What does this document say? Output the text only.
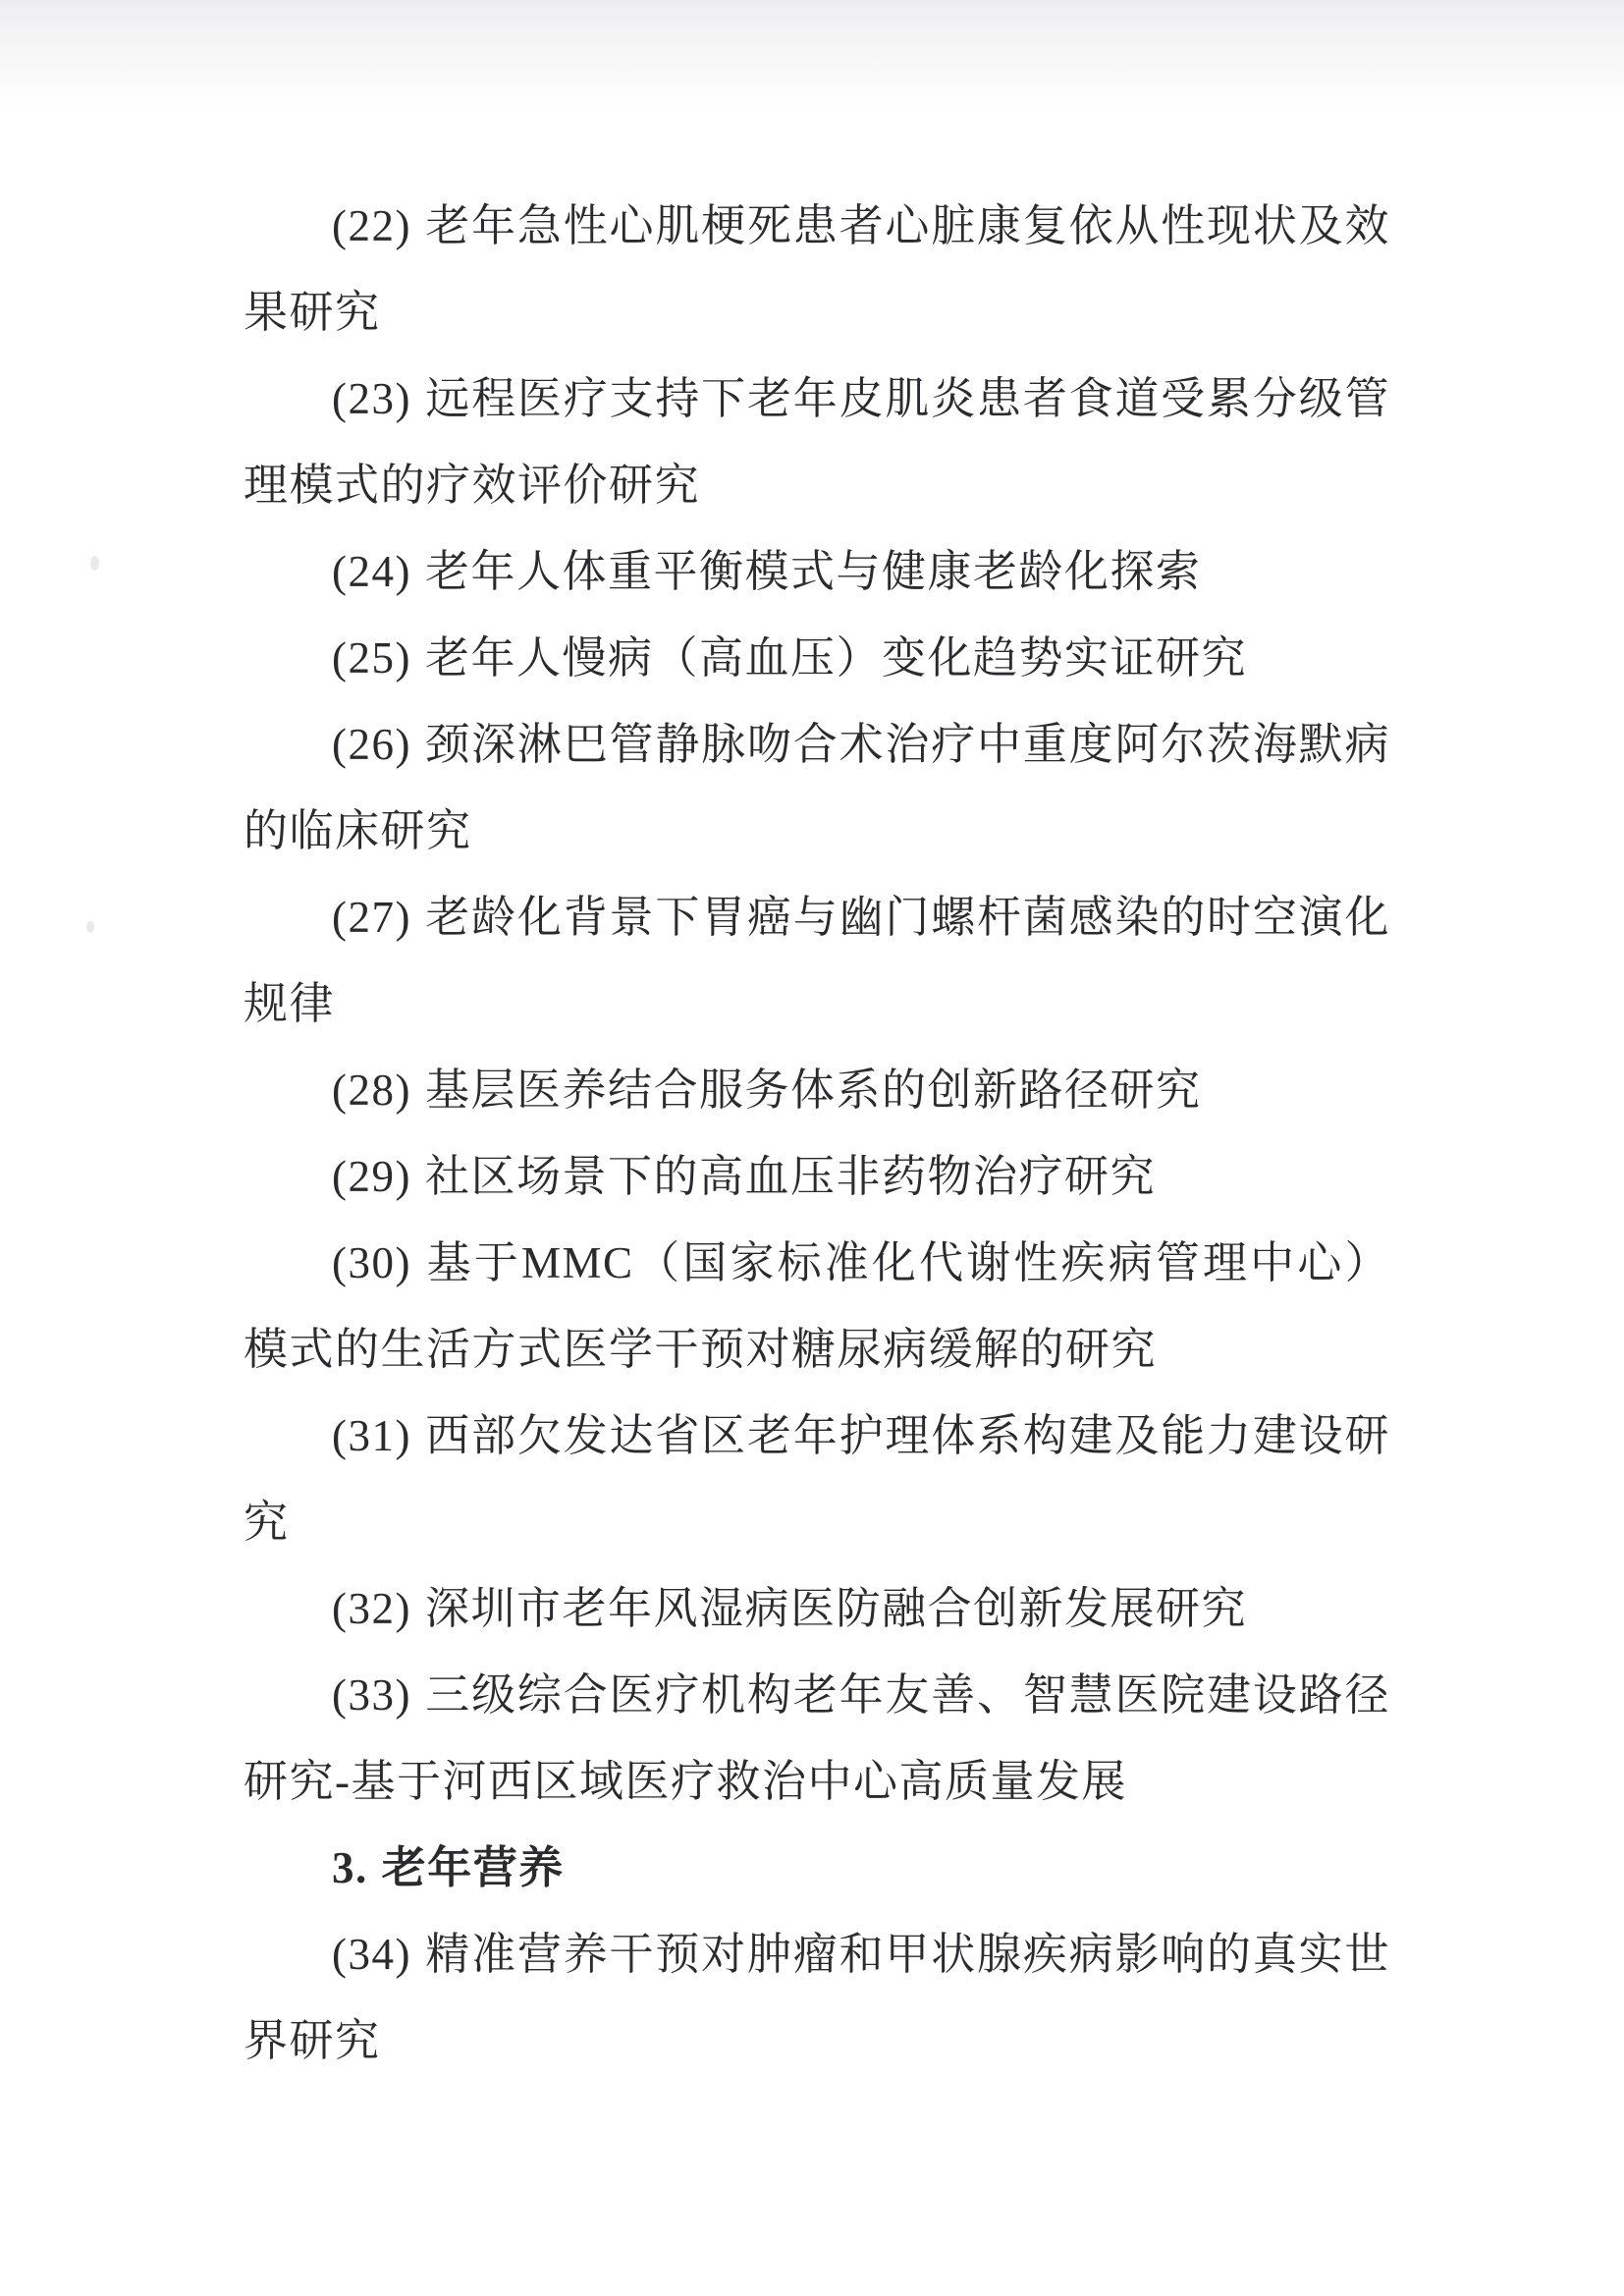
(22) 老年急性心肌梗死患者心脏康复依从性现状及效果研究

(23) 远程医疗支持下老年皮肌炎患者食道受累分级管理模式的疗效评价研究

(24) 老年人体重平衡模式与健康老龄化探索

(25) 老年人慢病（高血压）变化趋势实证研究

(26) 颈深淋巴管静脉吻合术治疗中重度阿尔茨海默病的临床研究

(27) 老龄化背景下胃癌与幽门螺杆菌感染的时空演化规律

(28) 基层医养结合服务体系的创新路径研究

(29) 社区场景下的高血压非药物治疗研究

(30) 基于MMC（国家标准化代谢性疾病管理中心）模式的生活方式医学干预对糖尿病缓解的研究

(31) 西部欠发达省区老年护理体系构建及能力建设研究

(32) 深圳市老年风湿病医防融合创新发展研究

(33) 三级综合医疗机构老年友善、智慧医院建设路径研究-基于河西区域医疗救治中心高质量发展

3. 老年营养

(34) 精准营养干预对肿瘤和甲状腺疾病影响的真实世界研究
